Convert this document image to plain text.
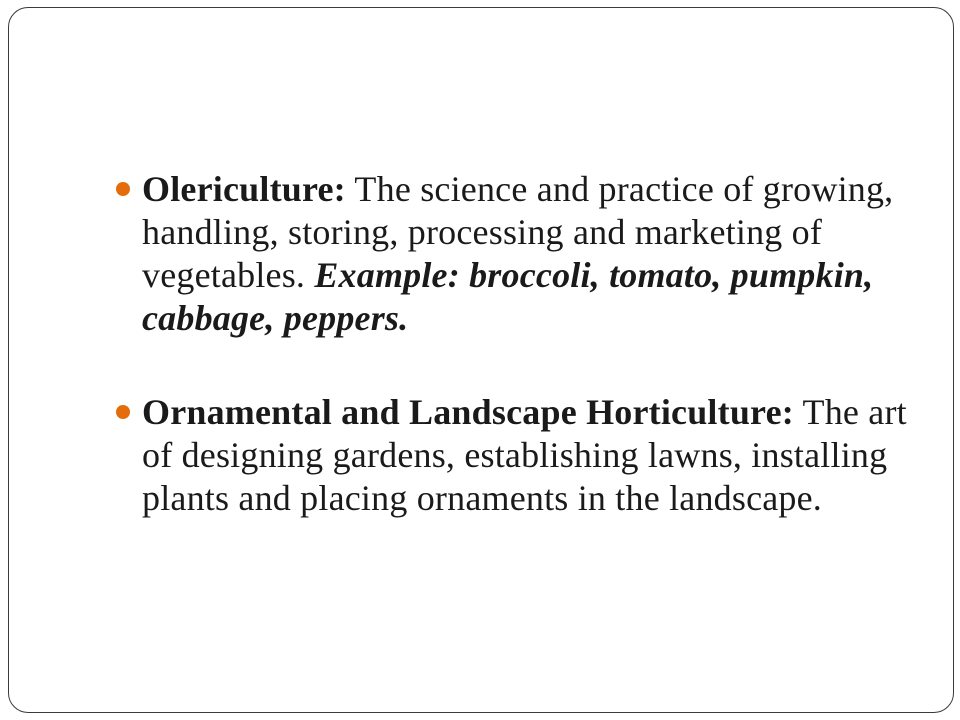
Olericulture: The science and practice of growing, handling, storing, processing and marketing of vegetables. Example: broccoli, tomato, pumpkin, cabbage, peppers.
Ornamental and Landscape Horticulture: The art of designing gardens, establishing lawns, installing plants and placing ornaments in the landscape.
